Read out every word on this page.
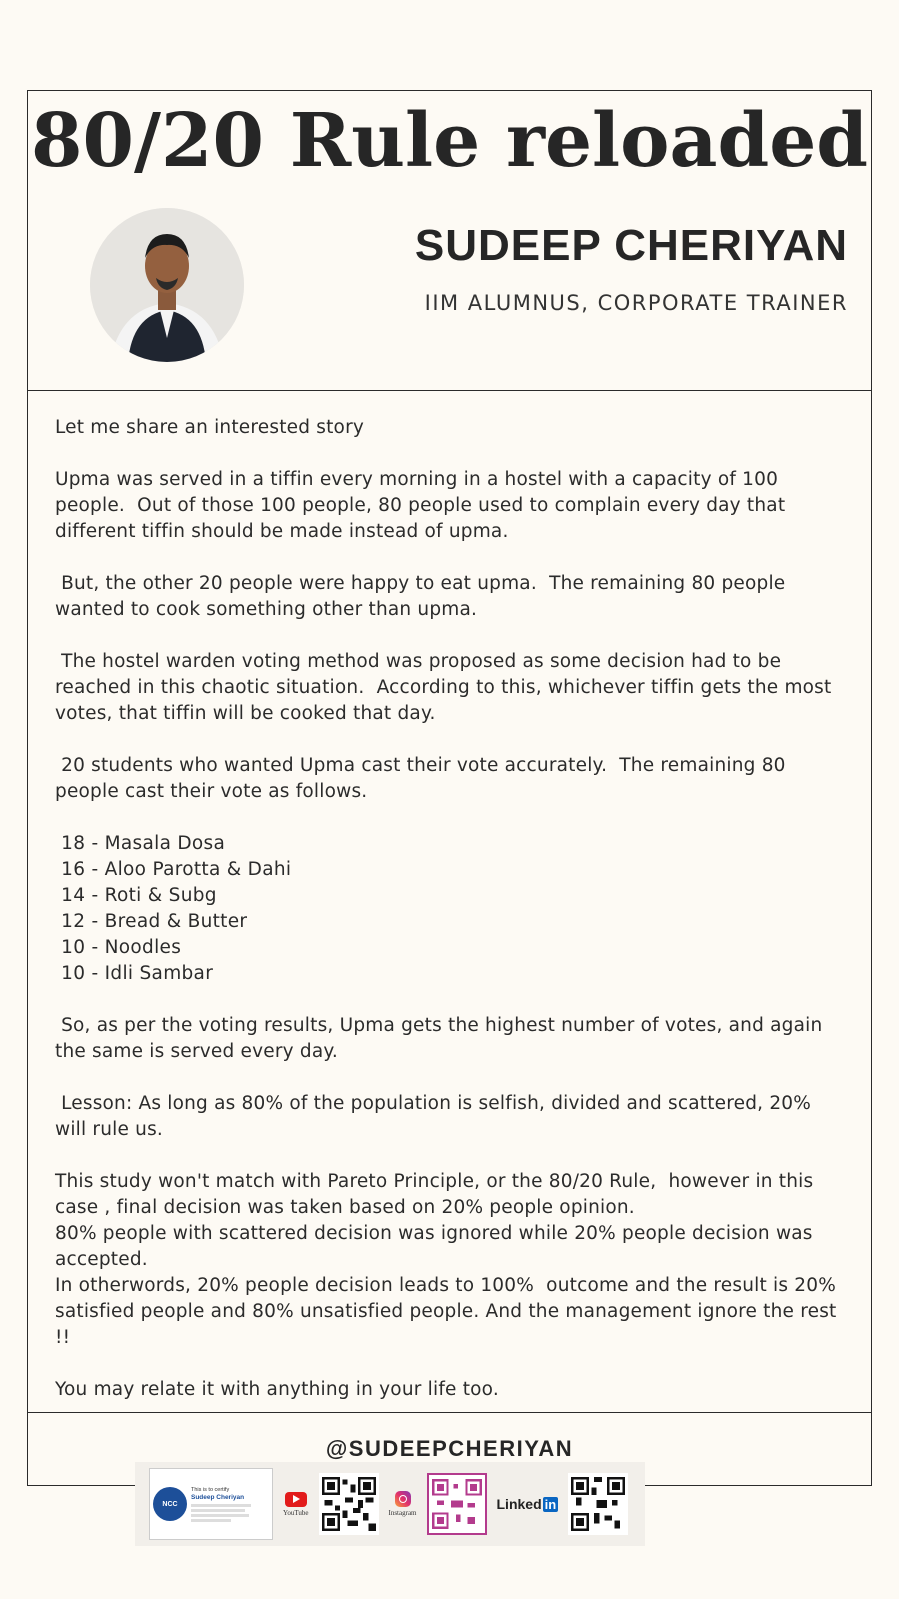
80/20 Rule reloaded
SUDEEP CHERIYAN
IIM ALUMNUS, CORPORATE TRAINER

Let me share an interested story

Upma was served in a tiffin every morning in a hostel with a capacity of 100 people.  Out of those 100 people, 80 people used to complain every day that different tiffin should be made instead of upma.

But, the other 20 people were happy to eat upma.  The remaining 80 people wanted to cook something other than upma.

The hostel warden voting method was proposed as some decision had to be reached in this chaotic situation.  According to this, whichever tiffin gets the most votes, that tiffin will be cooked that day.

20 students who wanted Upma cast their vote accurately.  The remaining 80 people cast their vote as follows.

18 - Masala Dosa
16 - Aloo Parotta & Dahi
14 - Roti & Subg
12 - Bread & Butter
10 - Noodles
10 - Idli Sambar

So, as per the voting results, Upma gets the highest number of votes, and again the same is served every day.

Lesson: As long as 80% of the population is selfish, divided and scattered, 20% will rule us.

This study won't match with Pareto Principle, or the 80/20 Rule,  however in this case , final decision was taken based on 20% people opinion.
80% people with scattered decision was ignored while 20% people decision was accepted.
In otherwords, 20% people decision leads to 100%  outcome and the result is 20% satisfied people and 80% unsatisfied people. And the management ignore the rest !!

You may relate it with anything in your life too.

@SUDEEPCHERIYAN
NCC
This is to certify
Sudeep Cheriyan
YouTube	Instagram
Linked in
